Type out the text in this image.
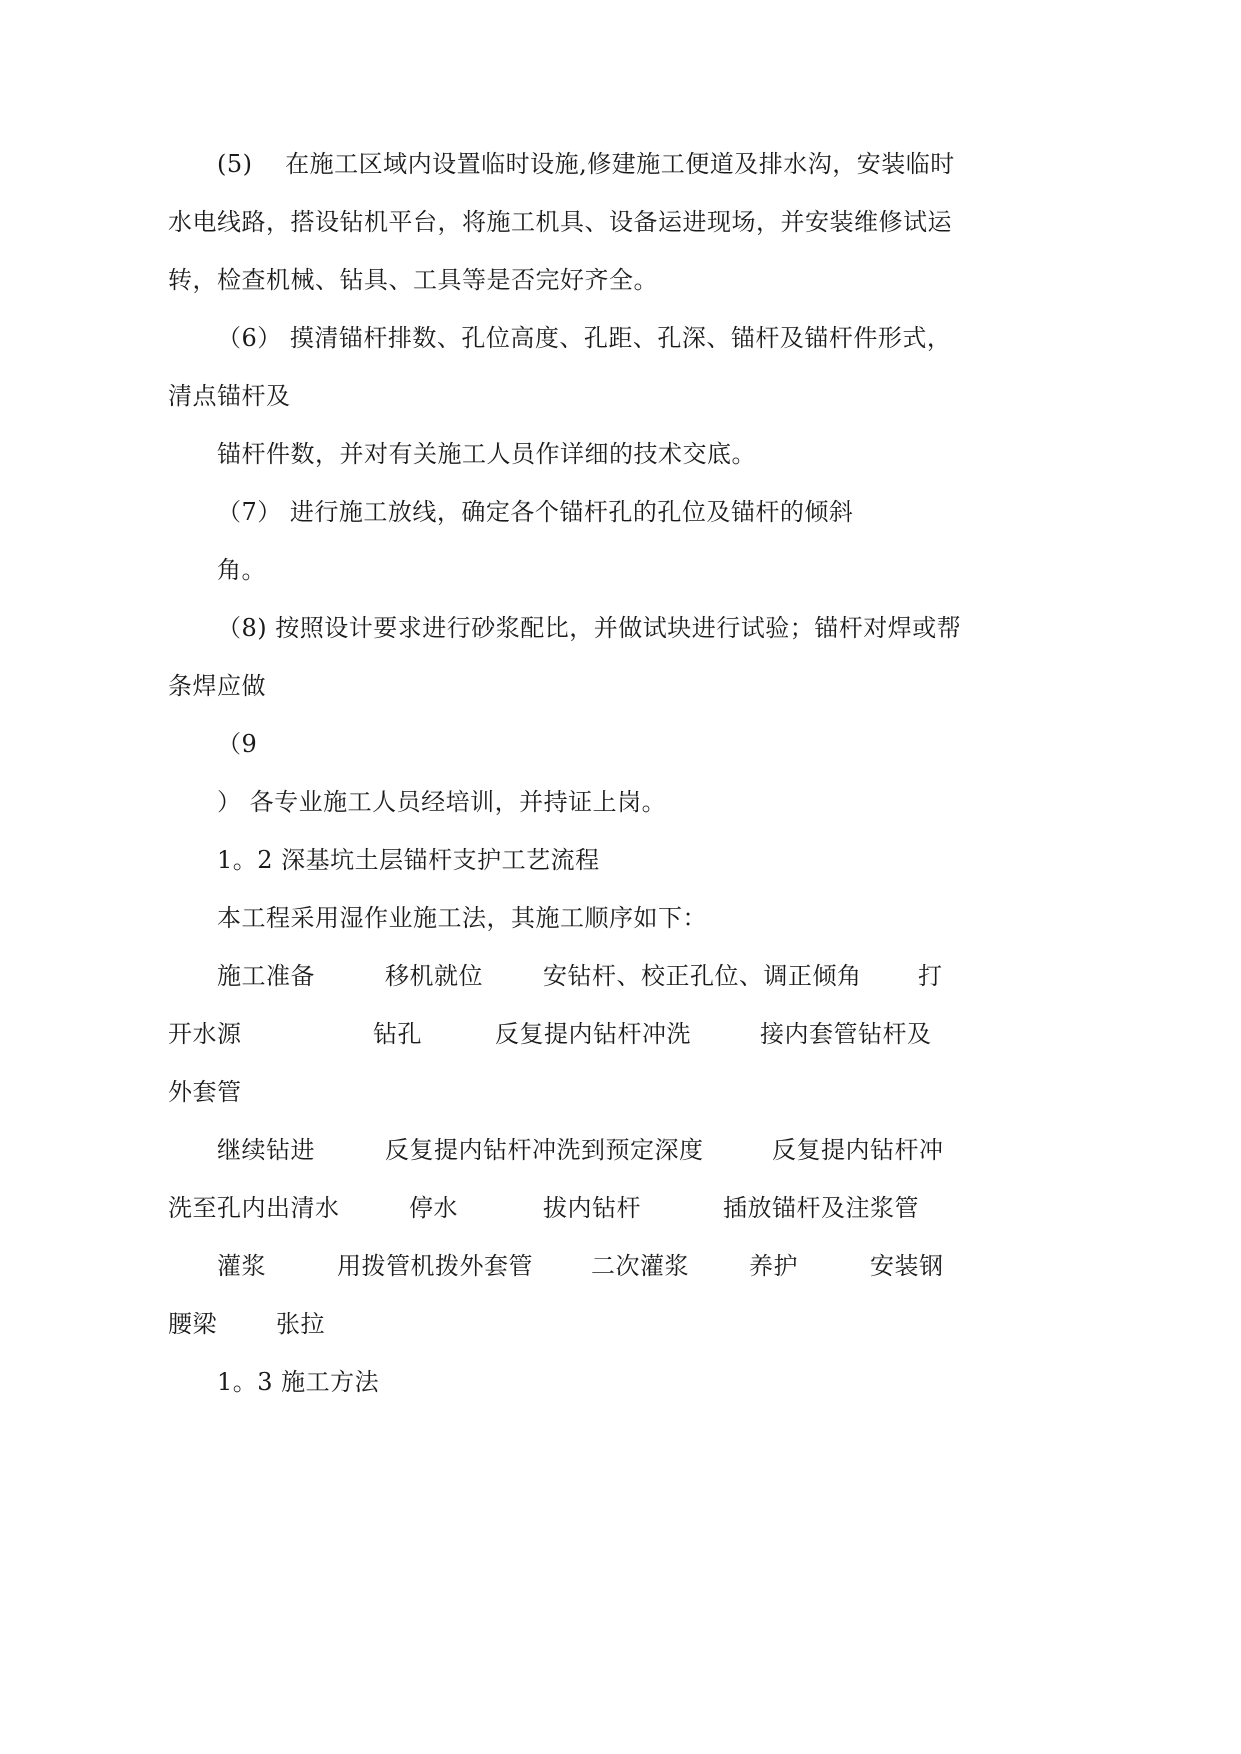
(5)　 在施工区域内设置临时设施,修建施工便道及排水沟，安装临时
水电线路，搭设钻机平台，将施工机具、设备运进现场，并安装维修试运
转，检查机械、钻具、工具等是否完好齐全。
（6） 摸清锚杆排数、孔位高度、孔距、孔深、锚杆及锚杆件形式，
清点锚杆及
锚杆件数，并对有关施工人员作详细的技术交底。
（7） 进行施工放线，确定各个锚杆孔的孔位及锚杆的倾斜
角。
（8) 按照设计要求进行砂浆配比，并做试块进行试验；锚杆对焊或帮
条焊应做
（9
） 各专业施工人员经培训，并持证上岗。
1。2 深基坑土层锚杆支护工艺流程
本工程采用湿作业施工法，其施工顺序如下：
施工准备	移机就位	安钻杆、校正孔位、调正倾角 打
开水源	钻孔	反复提内钻杆冲洗	接内套管钻杆及
外套管
继续钻进	反复提内钻杆冲洗到预定深度	反复提内钻杆冲
洗至孔内出清水	停水	拔内钻杆	插放锚杆及注浆管
灌浆	用拨管机拨外套管 二次灌浆	养护	安装钢
腰梁 张拉
1。3 施工方法
